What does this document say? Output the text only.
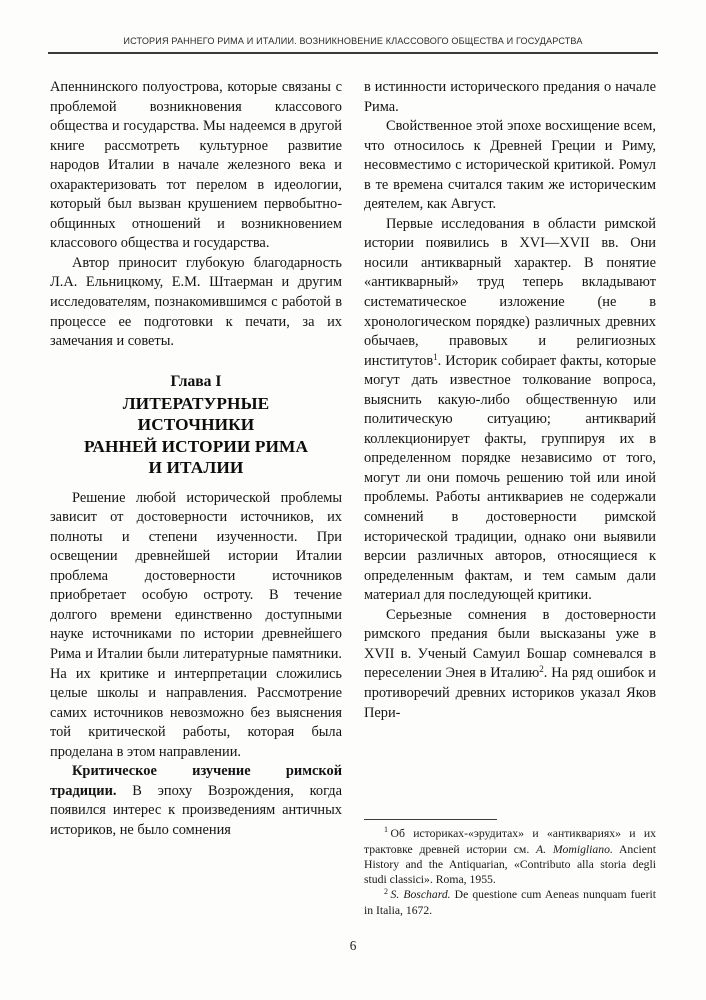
ИСТОРИЯ РАННЕГО РИМА И ИТАЛИИ. ВОЗНИКНОВЕНИЕ КЛАССОВОГО ОБЩЕСТВА И ГОСУДАРСТВА

Апеннинского полуострова, которые связаны с проблемой возникновения классового общества и государства. Мы надеемся в другой книге рассмотреть культурное развитие народов Италии в начале железного века и охарактеризовать тот перелом в идеологии, который был вызван крушением первобытно-общинных отношений и возникновением классового общества и государства.

Автор приносит глубокую благодарность Л.А. Ельницкому, Е.М. Штаерман и другим исследователям, познакомившимся с работой в процессе ее подготовки к печати, за их замечания и советы.

Глава I
ЛИТЕРАТУРНЫЕ
ИСТОЧНИКИ
РАННЕЙ ИСТОРИИ РИМА
И ИТАЛИИ

Решение любой исторической проблемы зависит от достоверности источников, их полноты и степени изученности. При освещении древнейшей истории Италии проблема достоверности источников приобретает особую остроту. В течение долгого времени единственно доступными науке источниками по истории древнейшего Рима и Италии были литературные памятники. На их критике и интерпретации сложились целые школы и направления. Рассмотрение самих источников невозможно без выяснения той критической работы, которая была проделана в этом направлении.

Критическое изучение римской традиции. В эпоху Возрождения, когда появился интерес к произведениям античных историков, не было сомнения

в истинности исторического предания о начале Рима.

Свойственное этой эпохе восхищение всем, что относилось к Древней Греции и Риму, несовместимо с исторической критикой. Ромул в те времена считался таким же историческим деятелем, как Август.

Первые исследования в области римской истории появились в XVI—XVII вв. Они носили антикварный характер. В понятие «антикварный» труд теперь вкладывают систематическое изложение (не в хронологическом порядке) различных древних обычаев, правовых и религиозных институтов$^1$. Историк собирает факты, которые могут дать известное толкование вопроса, выяснить какую-либо общественную или политическую ситуацию; антикварий коллекционирует факты, группируя их в определенном порядке независимо от того, могут ли они помочь решению той или иной проблемы. Работы антиквариев не содержали сомнений в достоверности римской исторической традиции, однако они выявили версии различных авторов, относящиеся к определенным фактам, и тем самым дали материал для последующей критики.

Серьезные сомнения в достоверности римского предания были высказаны уже в XVII в. Ученый Самуил Бошар сомневался в переселении Энея в Италию$^2$. На ряд ошибок и противоречий древних историков указал Яков Пери-

$^1$ Об историках-«эрудитах» и «антиквариях» и их трактовке древней истории см. A. Momigliano. Ancient History and the Antiquarian, «Contributo alla storia degli studi classici». Roma, 1955.

$^2$ S. Boschard. De questione cum Aeneas nunquam fuerit in Italia, 1672.

6
